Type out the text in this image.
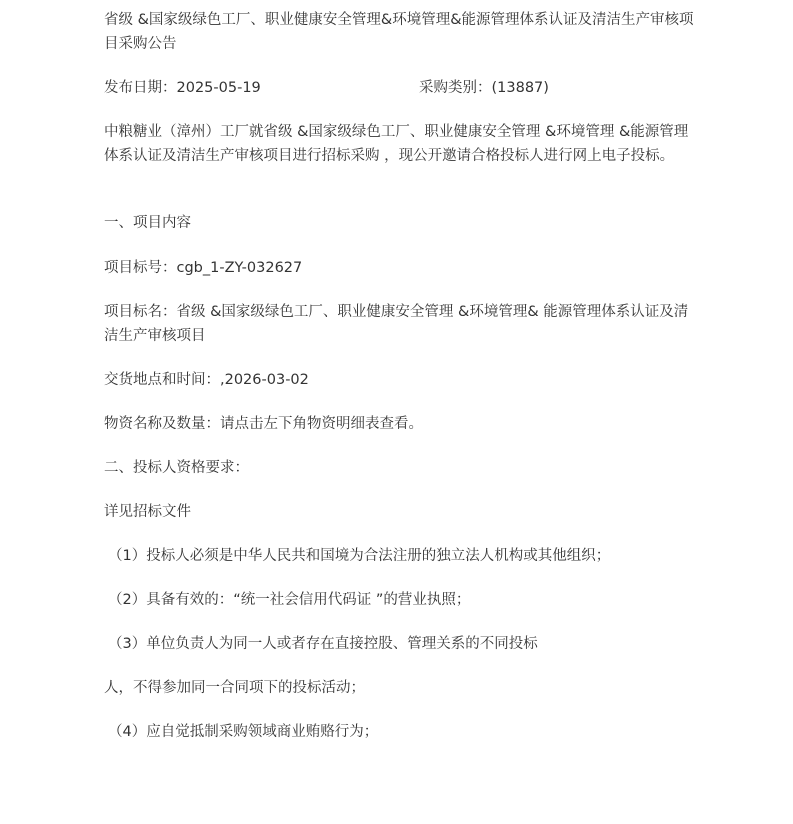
省级 &国家级绿色工厂、职业健康安全管理&环境管理&能源管理体系认证及清洁生产审核项目采购公告

发布日期：2025-05-19	采购类别：(13887)

中粮糖业（漳州）工厂就省级 &国家级绿色工厂、职业健康安全管理 &环境管理 &能源管理体系认证及清洁生产审核项目进行招标采购 ，现公开邀请合格投标人进行网上电子投标。

一、项目内容

项目标号：cgb_1-ZY-032627

项目标名：省级 &国家级绿色工厂、职业健康安全管理 &环境管理& 能源管理体系认证及清洁生产审核项目

交货地点和时间：,2026-03-02

物资名称及数量：请点击左下角物资明细表查看。

二、投标人资格要求：

详见招标文件

（1）投标人必须是中华人民共和国境为合法注册的独立法人机构或其他组织；

（2）具备有效的：“统一社会信用代码证 ”的营业执照；

（3）单位负责人为同一人或者存在直接控股、管理关系的不同投标

人，不得参加同一合同项下的投标活动；

（4）应自觉抵制采购领域商业贿赂行为；
